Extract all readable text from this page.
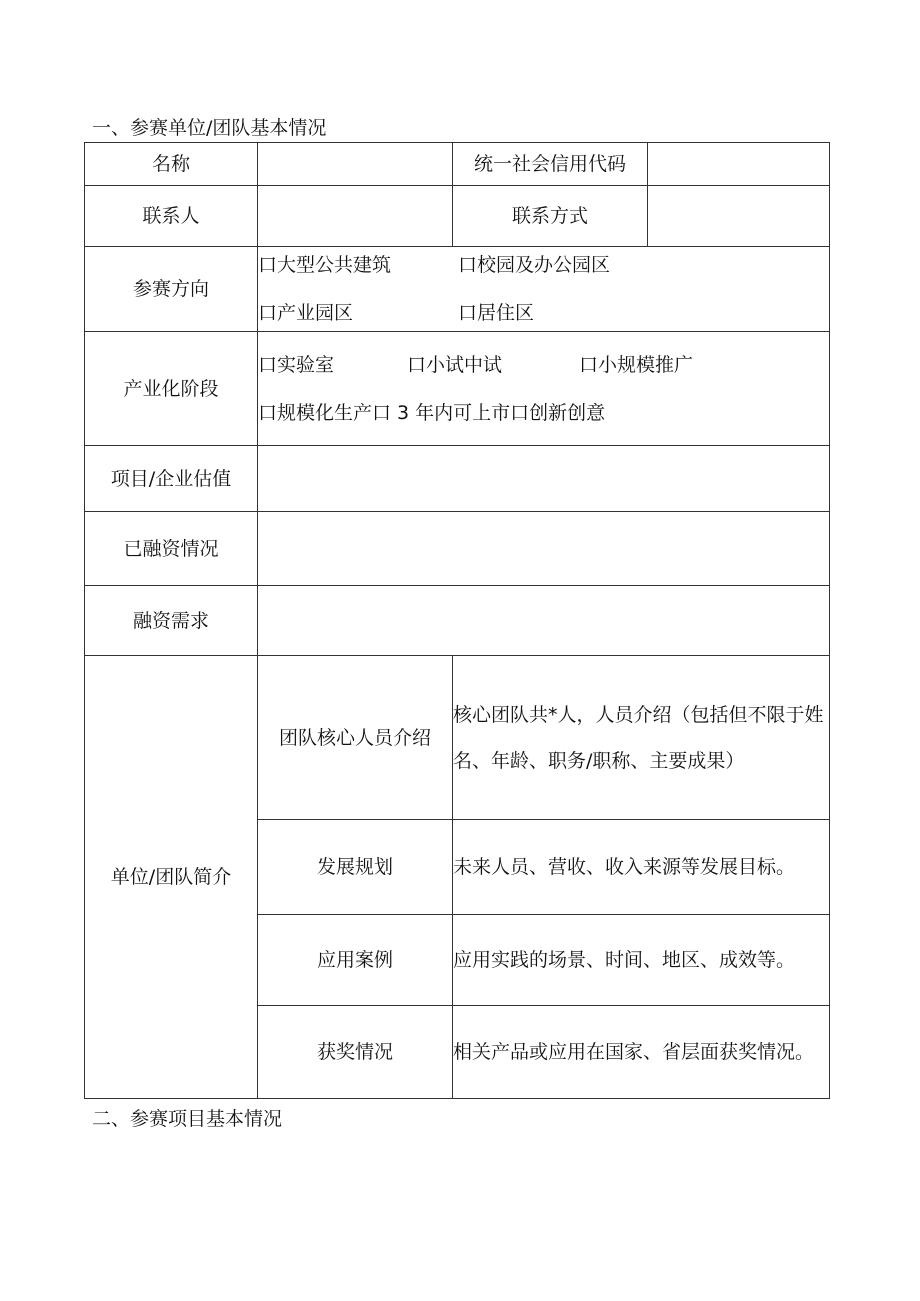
一、参赛单位/团队基本情况
名称		统一社会信用代码	
联系人		联系方式	
参赛方向	口大型公共建筑 口校园及办公园区
口产业园区 口居住区		

产业化阶段	口实验室 口小试中试 口小规模推广
口规模化生产口 3 年内可上市口创新创意		

项目/企业估值			
已融资情况			
融资需求			
单位/团队简介	团队核心人员介绍	核心团队共*人，人员介绍（包括但不限于姓名、年龄、职务/职称、主要成果）	
	发展规划	未来人员、营收、收入来源等发展目标。	
	应用案例	应用实践的场景、时间、地区、成效等。	
	获奖情况	相关产品或应用在国家、省层面获奖情况。	
二、参赛项目基本情况
